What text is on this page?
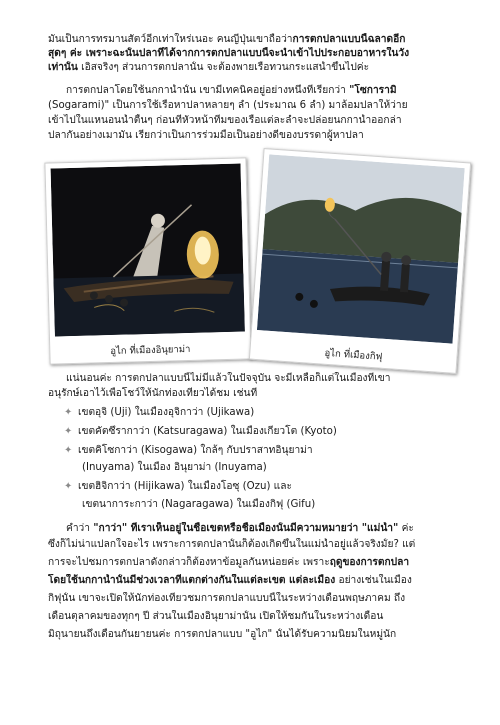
มันเป็นการทรมานสัตว์อีกเท่าใหร่เนอะ คนญี่ปุ่นเขาถือว่าการตกปลาแบบนี้ฉลาดอีก
สุดๆ ค่ะ เพราะฉะนั้นปลาที่ได้จากการตกปลาแบบนี้จะนำเข้าไปประกอบอาหารในวัง
เท่านั้น เอิสจริงๆ ส่วนการตกปลานั้น จะต้องพายเรือทวนกระแสน้ำขึ้นไปค่ะ
การตกปลาโดยใช้นกกาน้ำนั้น เขามีเทคนิคอยู่อย่างหนึ่งที่เรียกว่า "โซการามิ
(Sogarami)" เป็นการใช้เรือหาปลาหลายๆ ลำ (ประมาณ 6 ลำ) มาล้อมปลาให้ว่าย
เข้าไปในแหนอนน้ำตื้นๆ ก่อนที่หัวหน้าทีมของเรือแต่ละลำจะปล่อยนกกาน้ำออกล่า
ปลากันอย่างเมามัน เรียกว่าเป็นการร่วมมือเป็นอย่างดีของบรรดาผู้หาปลา
อูไก ที่เมืองอินุยาม่า	อูไก ที่เมืองกิฟุ
แน่นอนค่ะ การตกปลาแบบนี้ไม่มีแล้วในปัจจุบัน จะมีเหลือก็แต่ในเมืองที่เขา
อนุรักษ์เอาไว้เพื่อโชว์ให้นักท่องเที่ยวได้ชม เช่นที่
✦ เขตอุจิ (Uji) ในเมืองอุจิกาว่า (Ujikawa)
✦ เขตคัตซึรากาว่า (Katsuragawa) ในเมืองเกียวโต (Kyoto)
✦ เขตคิโซกาว่า (Kisogawa) ใกล้ๆ กับปราสาทอินุยาม่า
(Inuyama) ในเมือง อินุยาม่า (Inuyama)
✦ เขตฮิจิกาว่า (Hijikawa) ในเมืองโอซุ (Ozu) และ
เขตนาการะกาว่า (Nagaragawa) ในเมืองกิฟุ (Gifu)
คำว่า "กาว่า" ที่เราเห็นอยู่ในชื่อเขตหรือชื่อเมืองนั้นมีความหมายว่า "แม่น้ำ" ค่ะ
ซึ่งก็ไม่น่าแปลกใจอะไร เพราะการตกปลานั้นก็ต้องเกิดขึ้นในแม่น้ำอยู่แล้วจริงมั้ย? แต่
การจะไปชมการตกปลาดังกล่าวก็ต้องหาข้อมูลกันหน่อยค่ะ เพราะฤดูของการตกปลา
โดยใช้นกกาน้ำนั้นมีช่วงเวลาที่แตกต่างกันในแต่ละเขต แต่ละเมือง อย่างเช่นในเมือง
กิฟุนั้น เขาจะเปิดให้นักท่องเที่ยวชมการตกปลาแบบนี้ในระหว่างเดือนพฤษภาคม ถึง
เดือนตุลาคมของทุกๆ ปี ส่วนในเมืองอินุยาม่านั้น เปิดให้ชมกันในระหว่างเดือน
มิถุนายนถึงเดือนกันยายนค่ะ การตกปลาแบบ "อูไก" นั้นได้รับความนิยมในหมู่นัก
